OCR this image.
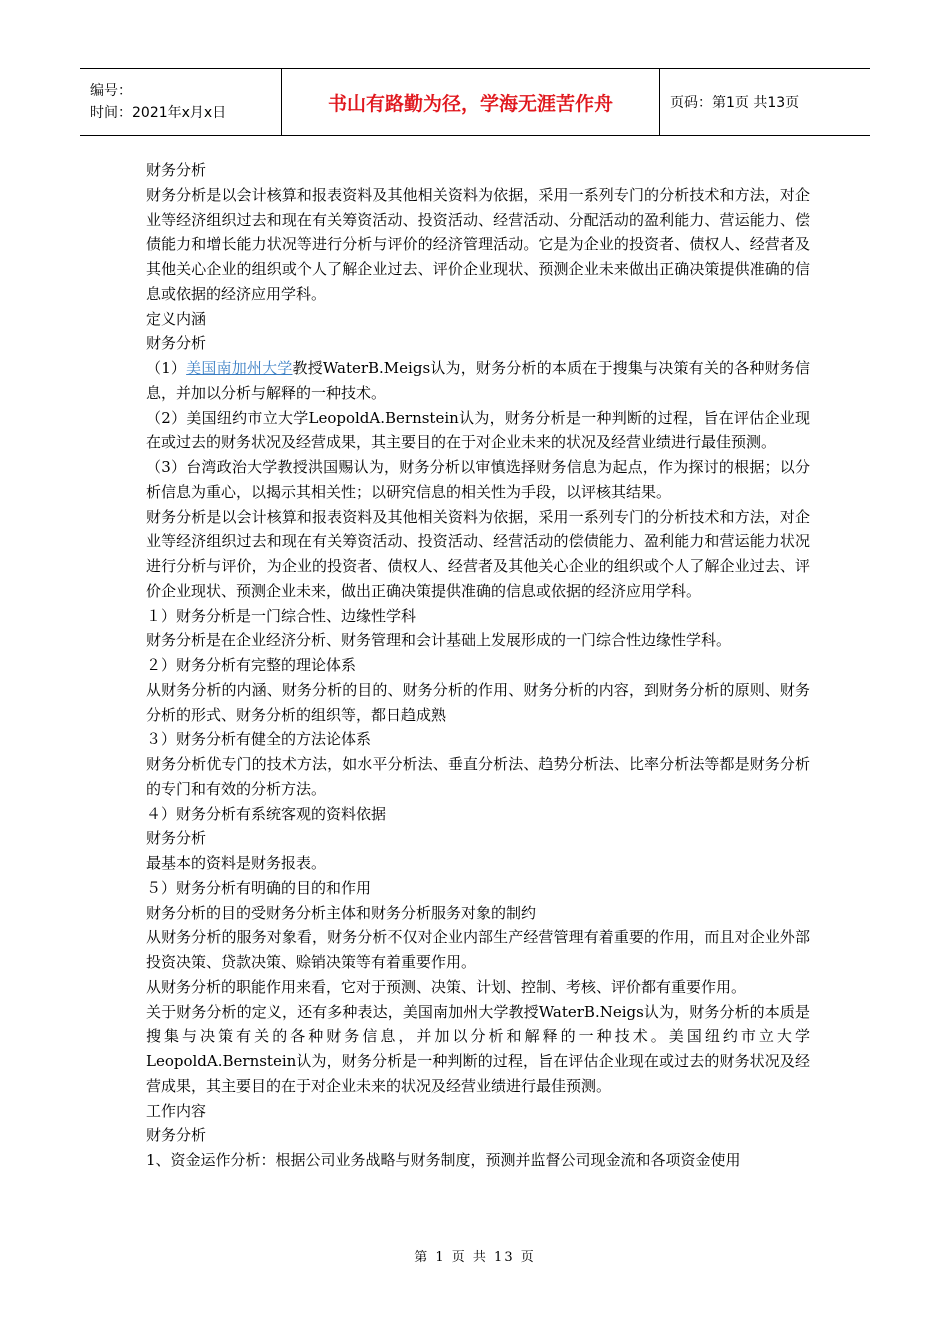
编号：
时间：2021年x月x日	书山有路勤为径，学海无涯苦作舟	页码：第1页 共13页

财务分析

财务分析是以会计核算和报表资料及其他相关资料为依据，采用一系列专门的分析技术和方法，对企业等经济组织过去和现在有关筹资活动、投资活动、经营活动、分配活动的盈利能力、营运能力、偿债能力和增长能力状况等进行分析与评价的经济管理活动。它是为企业的投资者、债权人、经营者及其他关心企业的组织或个人了解企业过去、评价企业现状、预测企业未来做出正确决策提供准确的信息或依据的经济应用学科。

定义内涵

财务分析

（1）美国南加州大学教授WaterB.Meigs认为，财务分析的本质在于搜集与决策有关的各种财务信息，并加以分析与解释的一种技术。

（2）美国纽约市立大学LeopoldA.Bernstein认为，财务分析是一种判断的过程，旨在评估企业现在或过去的财务状况及经营成果，其主要目的在于对企业未来的状况及经营业绩进行最佳预测。

（3）台湾政治大学教授洪国赐认为，财务分析以审慎选择财务信息为起点，作为探讨的根据；以分析信息为重心，以揭示其相关性；以研究信息的相关性为手段，以评核其结果。

财务分析是以会计核算和报表资料及其他相关资料为依据，采用一系列专门的分析技术和方法，对企业等经济组织过去和现在有关筹资活动、投资活动、经营活动的偿债能力、盈利能力和营运能力状况进行分析与评价，为企业的投资者、债权人、经营者及其他关心企业的组织或个人了解企业过去、评价企业现状、预测企业未来，做出正确决策提供准确的信息或依据的经济应用学科。

１）财务分析是一门综合性、边缘性学科

财务分析是在企业经济分析、财务管理和会计基础上发展形成的一门综合性边缘性学科。

２）财务分析有完整的理论体系

从财务分析的内涵、财务分析的目的、财务分析的作用、财务分析的内容，到财务分析的原则、财务分析的形式、财务分析的组织等，都日趋成熟

３）财务分析有健全的方法论体系

财务分析优专门的技术方法，如水平分析法、垂直分析法、趋势分析法、比率分析法等都是财务分析的专门和有效的分析方法。

４）财务分析有系统客观的资料依据

财务分析

最基本的资料是财务报表。

５）财务分析有明确的目的和作用

财务分析的目的受财务分析主体和财务分析服务对象的制约

从财务分析的服务对象看，财务分析不仅对企业内部生产经营管理有着重要的作用，而且对企业外部投资决策、贷款决策、赊销决策等有着重要作用。

从财务分析的职能作用来看，它对于预测、决策、计划、控制、考核、评价都有重要作用。

关于财务分析的定义，还有多种表达，美国南加州大学教授WaterB.Neigs认为，财务分析的本质是搜集与决策有关的各种财务信息，并加以分析和解释的一种技术。美国纽约市立大学LeopoldA.Bernstein认为，财务分析是一种判断的过程，旨在评估企业现在或过去的财务状况及经营成果，其主要目的在于对企业未来的状况及经营业绩进行最佳预测。

工作内容

财务分析

1、资金运作分析：根据公司业务战略与财务制度，预测并监督公司现金流和各项资金使用

第 1 页 共 13 页
